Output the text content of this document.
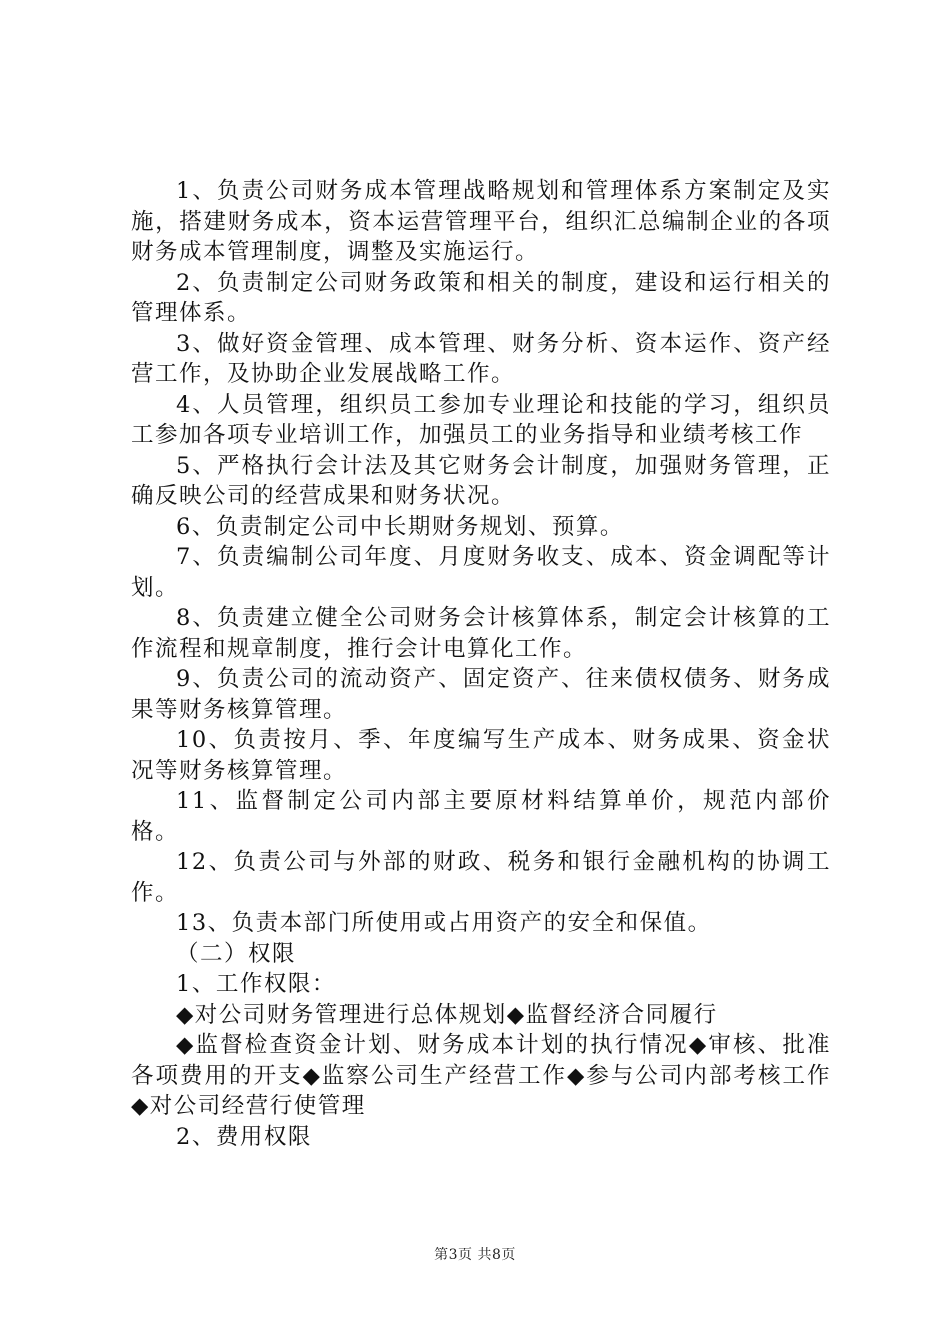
1、负责公司财务成本管理战略规划和管理体系方案制定及实施，搭建财务成本，资本运营管理平台，组织汇总编制企业的各项财务成本管理制度，调整及实施运行。

2、负责制定公司财务政策和相关的制度，建设和运行相关的管理体系。

3、做好资金管理、成本管理、财务分析、资本运作、资产经营工作，及协助企业发展战略工作。

4、人员管理，组织员工参加专业理论和技能的学习，组织员工参加各项专业培训工作，加强员工的业务指导和业绩考核工作

5、严格执行会计法及其它财务会计制度，加强财务管理，正确反映公司的经营成果和财务状况。

6、负责制定公司中长期财务规划、预算。

7、负责编制公司年度、月度财务收支、成本、资金调配等计划。

8、负责建立健全公司财务会计核算体系，制定会计核算的工作流程和规章制度，推行会计电算化工作。

9、负责公司的流动资产、固定资产、往来债权债务、财务成果等财务核算管理。

10、负责按月、季、年度编写生产成本、财务成果、资金状况等财务核算管理。

11、监督制定公司内部主要原材料结算单价，规范内部价格。

12、负责公司与外部的财政、税务和银行金融机构的协调工作。

13、负责本部门所使用或占用资产的安全和保值。

（二）权限

1、工作权限：

◆对公司财务管理进行总体规划◆监督经济合同履行

◆监督检查资金计划、财务成本计划的执行情况◆审核、批准各项费用的开支◆监察公司生产经营工作◆参与公司内部考核工作◆对公司经营行使管理

2、费用权限

第3页 共8页
